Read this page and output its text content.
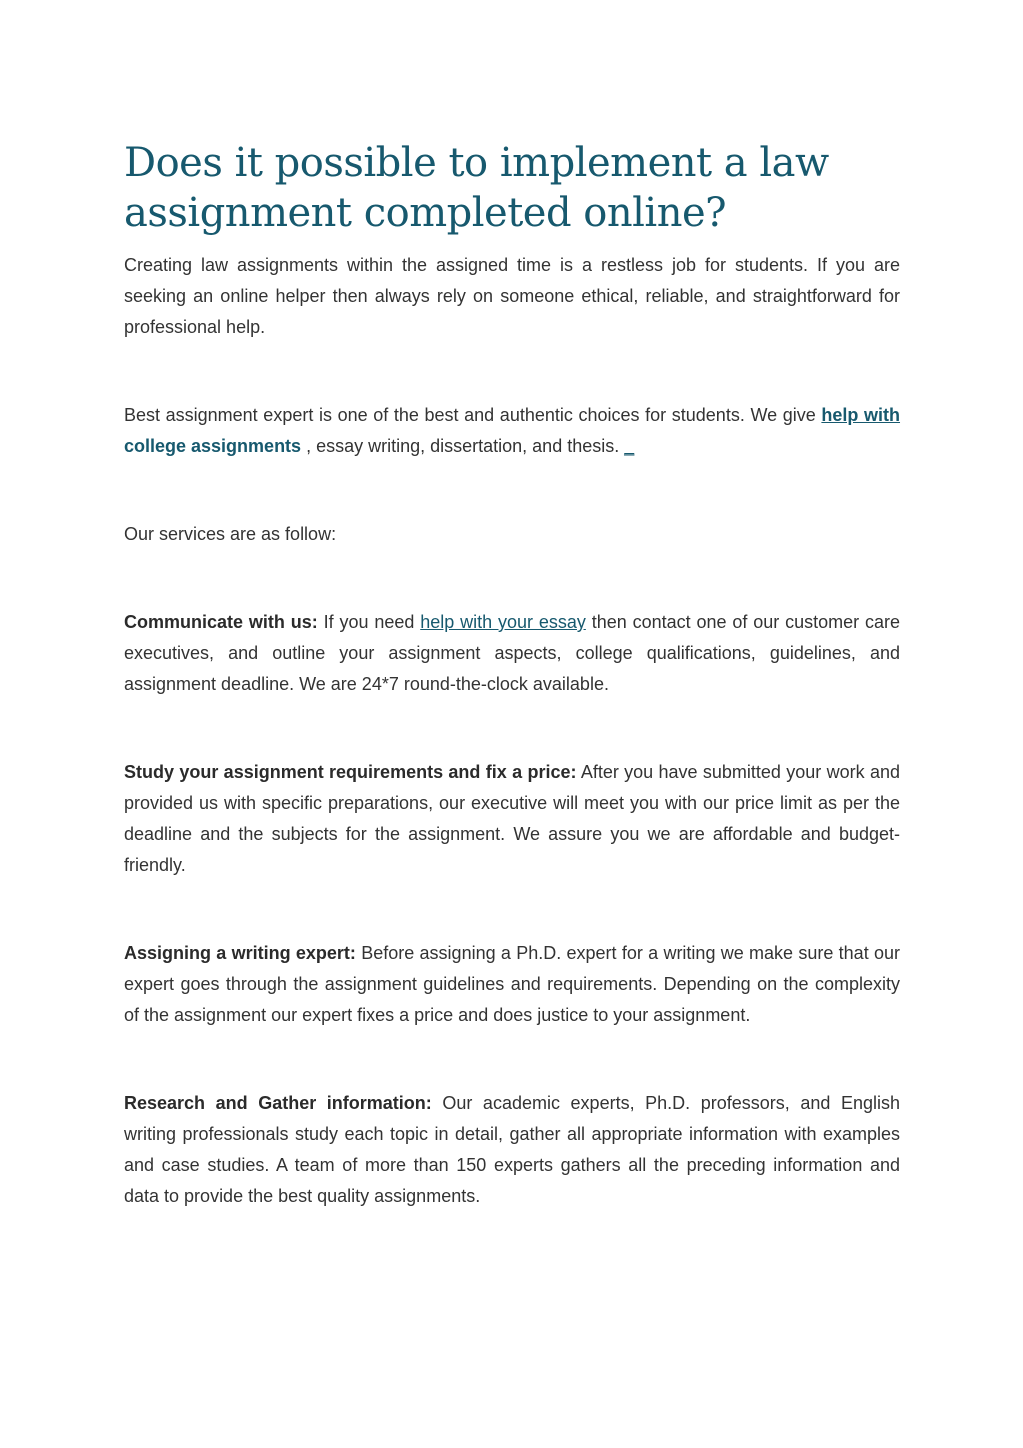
Does it possible to implement a law assignment completed online?

Creating law assignments within the assigned time is a restless job for students. If you are seeking an online helper then always rely on someone ethical, reliable, and straightforward for professional help.

Best assignment expert is one of the best and authentic choices for students. We give help with college assignments , essay writing, dissertation, and thesis. _

Our services are as follow:

Communicate with us: If you need help with your essay then contact one of our customer care executives, and outline your assignment aspects, college qualifications, guidelines, and assignment deadline. We are 24*7 round-the-clock available.

Study your assignment requirements and fix a price: After you have submitted your work and provided us with specific preparations, our executive will meet you with our price limit as per the deadline and the subjects for the assignment. We assure you we are affordable and budget-friendly.

Assigning a writing expert: Before assigning a Ph.D. expert for a writing we make sure that our expert goes through the assignment guidelines and requirements. Depending on the complexity of the assignment our expert fixes a price and does justice to your assignment.

Research and Gather information: Our academic experts, Ph.D. professors, and English writing professionals study each topic in detail, gather all appropriate information with examples and case studies. A team of more than 150 experts gathers all the preceding information and data to provide the best quality assignments.
